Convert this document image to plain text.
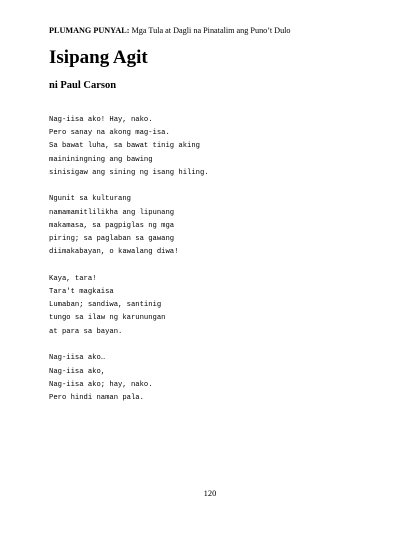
PLUMANG PUNYAL: Mga Tula at Dagli na Pinatalim ang Puno’t Dulo
Isipang Agit

ni Paul Carson

Nag-iisa ako! Hay, nako.
Pero sanay na akong mag-isa.
Sa bawat luha, sa bawat tinig aking
maininingning ang bawing
sinisigaw ang sining ng isang hiling.
Ngunit sa kulturang
namamamitlilikha ang lipunang
makamasa, sa pagpiglas ng mga
piring; sa paglaban sa gawang
diimakabayan, o kawalang diwa!
Kaya, tara!
Tara't magkaisa
Lumaban; sandiwa, santinig
tungo sa ilaw ng karunungan
at para sa bayan.
Nag-iisa ako…
Nag-iisa ako,
Nag-iisa ako; hay, nako.
Pero hindi naman pala.
120
